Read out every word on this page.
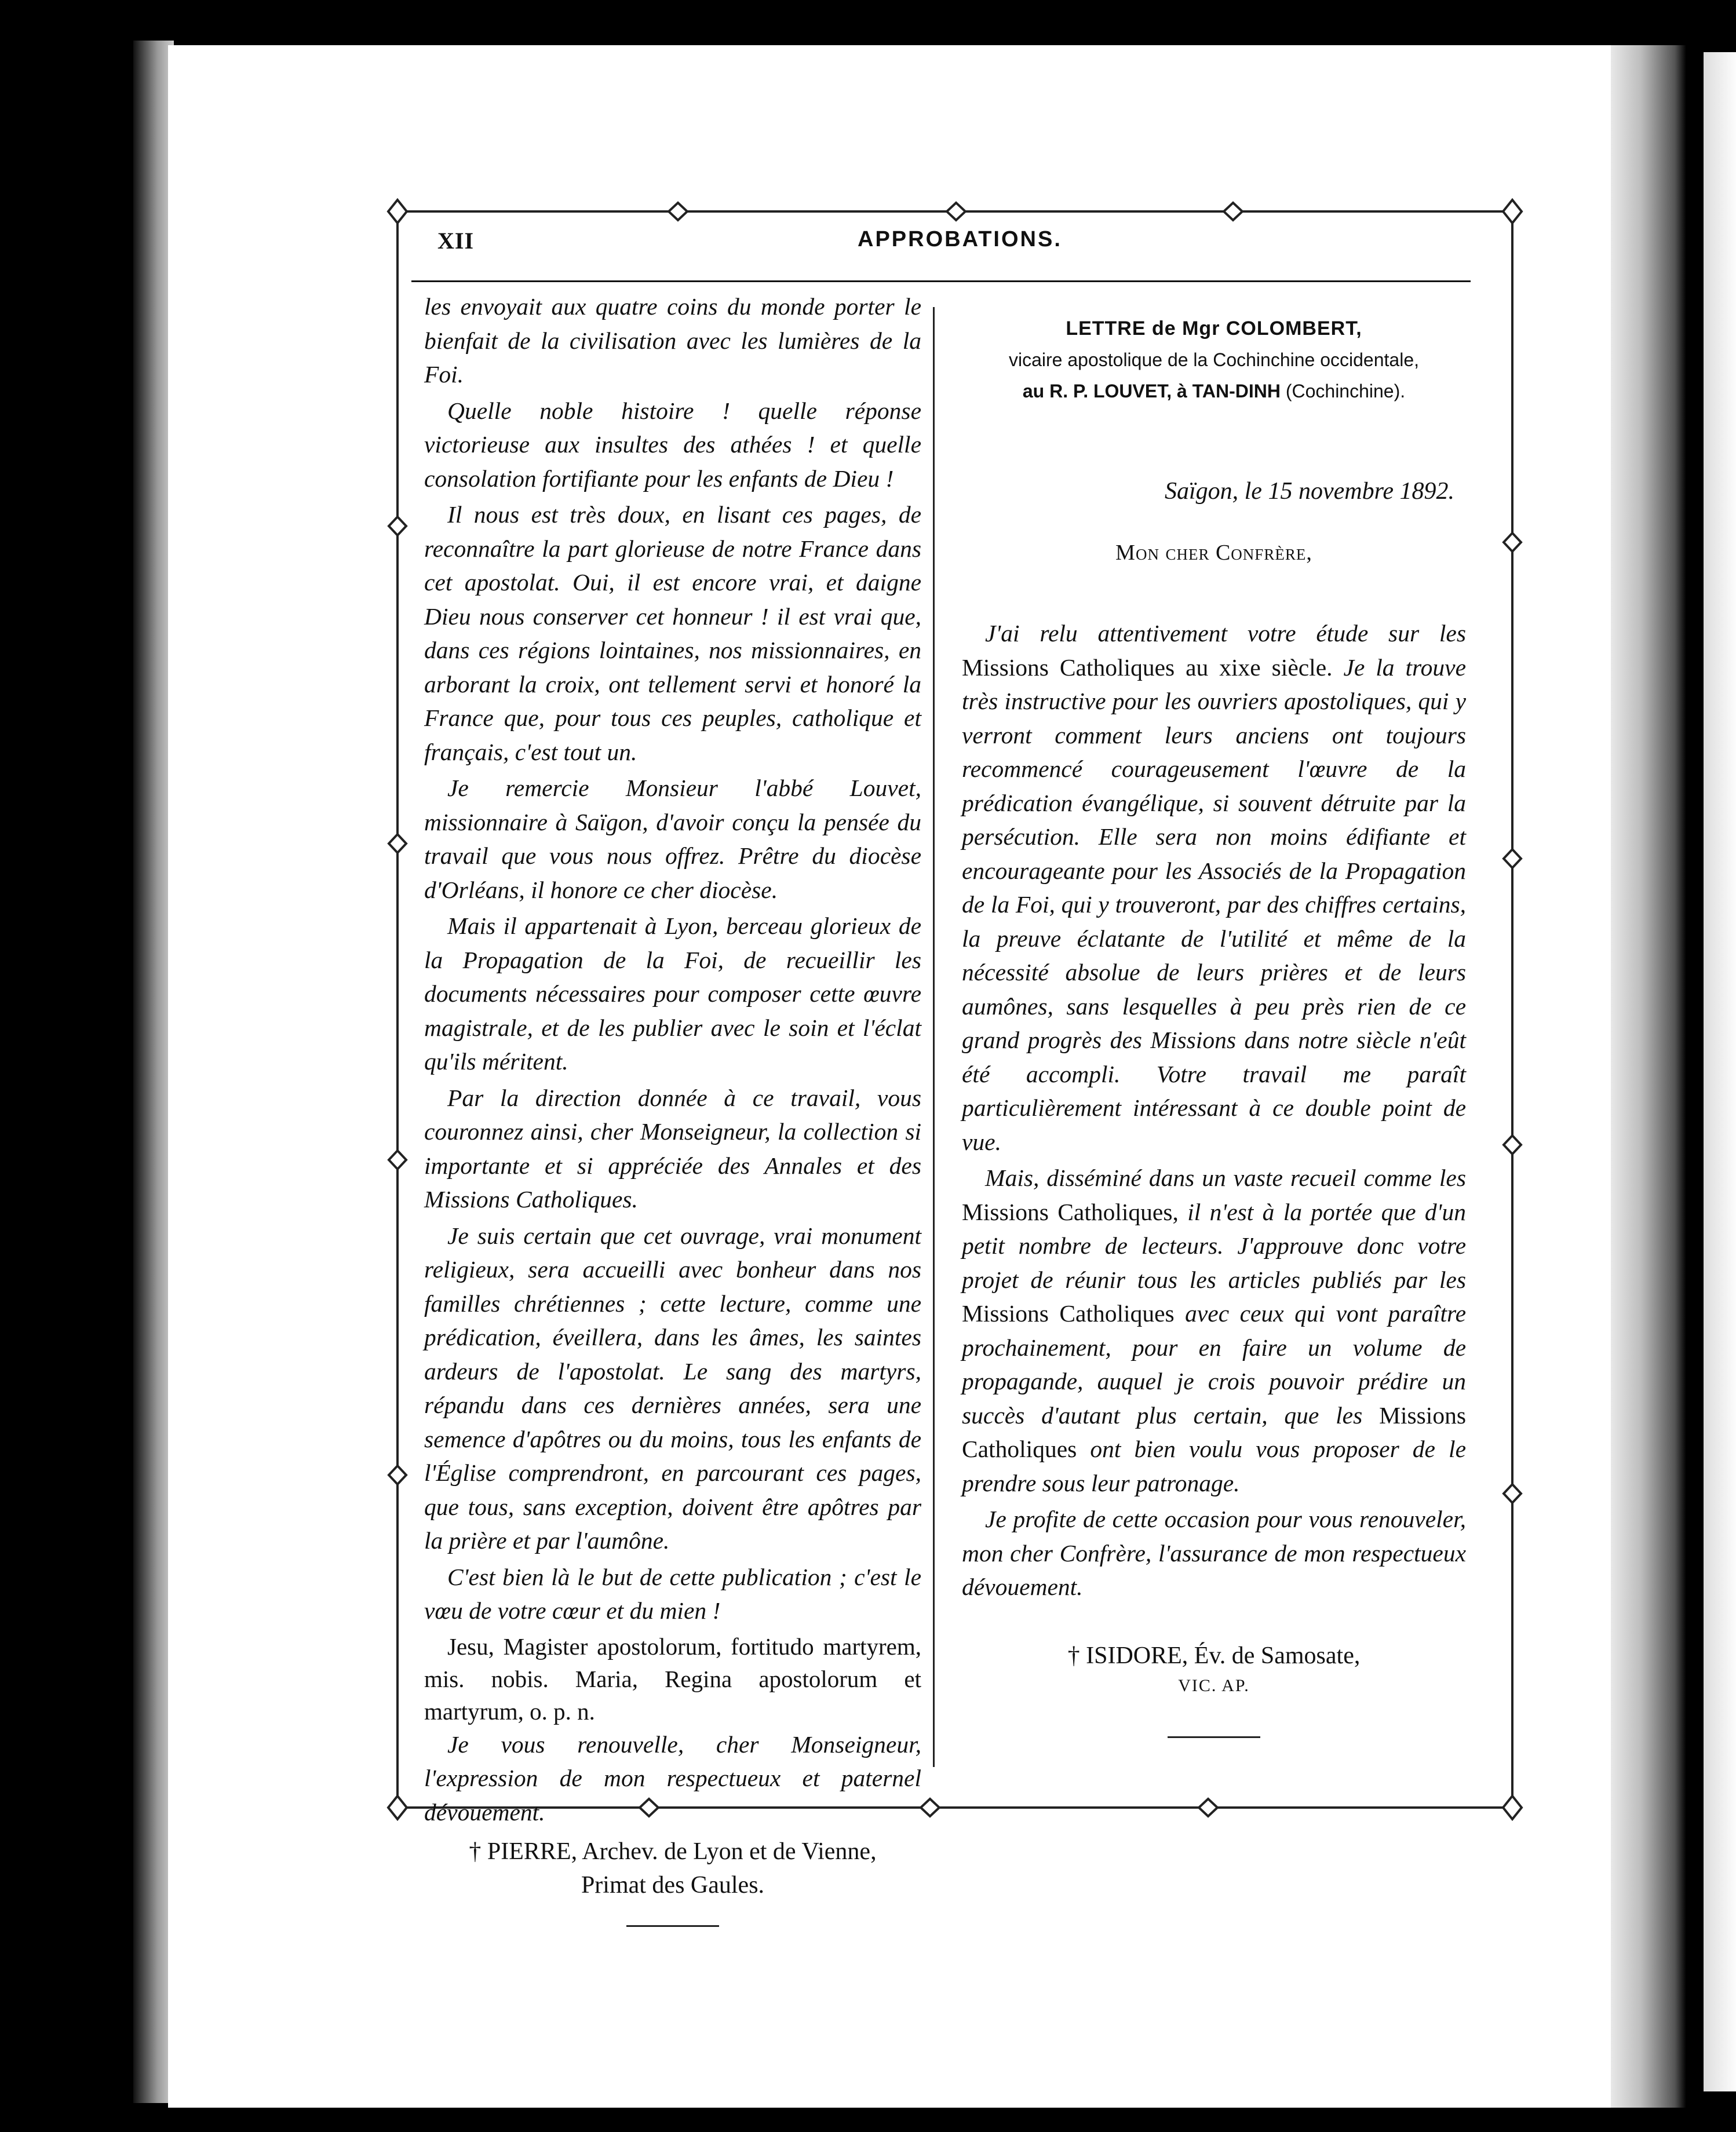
XII	APPROBATIONS.

les envoyait aux quatre coins du monde porter le bienfait de la civilisation avec les lumières de la Foi.

Quelle noble histoire ! quelle réponse victorieuse aux insultes des athées ! et quelle consolation fortifiante pour les enfants de Dieu !

Il nous est très doux, en lisant ces pages, de reconnaître la part glorieuse de notre France dans cet apostolat. Oui, il est encore vrai, et daigne Dieu nous conserver cet honneur ! il est vrai que, dans ces régions lointaines, nos missionnaires, en arborant la croix, ont tellement servi et honoré la France que, pour tous ces peuples, catholique et français, c'est tout un.

Je remercie Monsieur l'abbé Louvet, missionnaire à Saïgon, d'avoir conçu la pensée du travail que vous nous offrez. Prêtre du diocèse d'Orléans, il honore ce cher diocèse.

Mais il appartenait à Lyon, berceau glorieux de la Propagation de la Foi, de recueillir les documents nécessaires pour composer cette œuvre magistrale, et de les publier avec le soin et l'éclat qu'ils méritent.

Par la direction donnée à ce travail, vous couronnez ainsi, cher Monseigneur, la collection si importante et si appréciée des Annales et des Missions Catholiques.

Je suis certain que cet ouvrage, vrai monument religieux, sera accueilli avec bonheur dans nos familles chrétiennes ; cette lecture, comme une prédication, éveillera, dans les âmes, les saintes ardeurs de l'apostolat. Le sang des martyrs, répandu dans ces dernières années, sera une semence d'apôtres ou du moins, tous les enfants de l'Église comprendront, en parcourant ces pages, que tous, sans exception, doivent être apôtres par la prière et par l'aumône.

C'est bien là le but de cette publication ; c'est le vœu de votre cœur et du mien !

Jesu, Magister apostolorum, fortitudo martyrem, mis. nobis. Maria, Regina apostolorum et martyrum, o. p. n.

Je vous renouvelle, cher Monseigneur, l'expression de mon respectueux et paternel dévouement.

† PIERRE, Archev. de Lyon et de Vienne,
Primat des Gaules.

LETTRE de Mgr COLOMBERT,
vicaire apostolique de la Cochinchine occidentale,
au R. P. LOUVET, à TAN-DINH (Cochinchine).
Saïgon, le 15 novembre 1892.
Mon cher Confrère,

J'ai relu attentivement votre étude sur les Missions Catholiques au xixe siècle. Je la trouve très instructive pour les ouvriers apostoliques, qui y verront comment leurs anciens ont toujours recommencé courageusement l'œuvre de la prédication évangélique, si souvent détruite par la persécution. Elle sera non moins édifiante et encourageante pour les Associés de la Propagation de la Foi, qui y trouveront, par des chiffres certains, la preuve éclatante de l'utilité et même de la nécessité absolue de leurs prières et de leurs aumônes, sans lesquelles à peu près rien de ce grand progrès des Missions dans notre siècle n'eût été accompli. Votre travail me paraît particulièrement intéressant à ce double point de vue.

Mais, disséminé dans un vaste recueil comme les Missions Catholiques, il n'est à la portée que d'un petit nombre de lecteurs. J'approuve donc votre projet de réunir tous les articles publiés par les Missions Catholiques avec ceux qui vont paraître prochainement, pour en faire un volume de propagande, auquel je crois pouvoir prédire un succès d'autant plus certain, que les Missions Catholiques ont bien voulu vous proposer de le prendre sous leur patronage.

Je profite de cette occasion pour vous renouveler, mon cher Confrère, l'assurance de mon respectueux dévouement.

† ISIDORE, Év. de Samosate,
VIC. AP.
